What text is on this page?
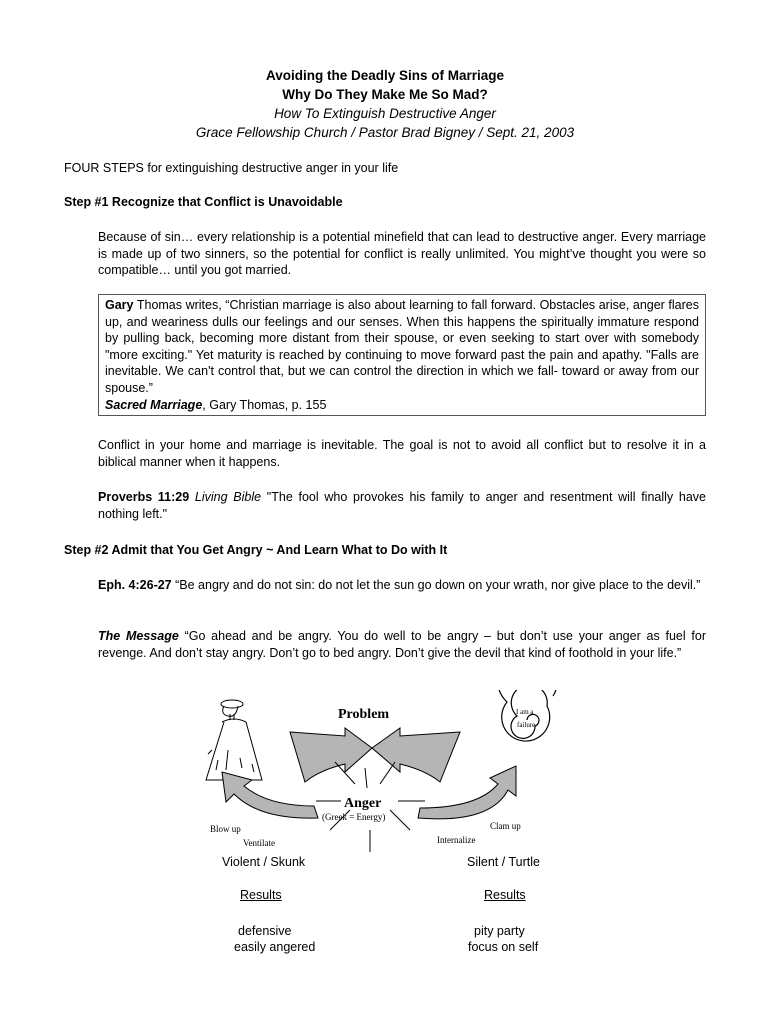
Avoiding the Deadly Sins of Marriage
Why Do They Make Me So Mad?
How To Extinguish Destructive Anger
Grace Fellowship Church / Pastor Brad Bigney / Sept. 21, 2003
FOUR STEPS for extinguishing destructive anger in your life
Step #1 Recognize that Conflict is Unavoidable
Because of sin… every relationship is a potential minefield that can lead to destructive anger. Every marriage is made up of two sinners, so the potential for conflict is really unlimited. You might’ve thought you were so compatible… until you got married.
Gary Thomas writes, “Christian marriage is also about learning to fall forward. Obstacles arise, anger flares up, and weariness dulls our feelings and our senses. When this happens the spiritually immature respond by pulling back, becoming more distant from their spouse, or even seeking to start over with somebody "more exciting." Yet maturity is reached by continuing to move forward past the pain and apathy. "Falls are inevitable. We can't control that, but we can control the direction in which we fall- toward or away from our spouse.”
Sacred Marriage, Gary Thomas, p. 155
Conflict in your home and marriage is inevitable. The goal is not to avoid all conflict but to resolve it in a biblical manner when it happens.
Proverbs 11:29 Living Bible "The fool who provokes his family to anger and resentment will finally have nothing left."
Step #2 Admit that You Get Angry ~ And Learn What to Do with It
Eph. 4:26-27 “Be angry and do not sin: do not let the sun go down on your wrath, nor give place to the devil.”
The Message “Go ahead and be angry. You do well to be angry – but don’t use your anger as fuel for revenge. And don’t stay angry. Don’t go to bed angry. Don’t give the devil that kind of foothold in your life.”
I am a
failure
Problem
Anger
(Greek = Energy)
Blow up
Ventilate
Clam up
Internalize
Violent / Skunk	Silent / Turtle
Results	Results
defensive
easily angered
pity party
focus on self
